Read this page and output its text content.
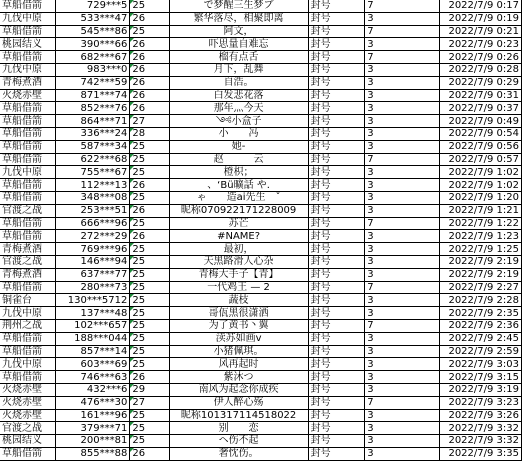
草船借箭	729***5	25	で梦醒三生梦ブ	封号	7	2022/7/9 0:17
九伐中原	533***47	26	繁华落尽，相聚即离	封号	3	2022/7/9 0:19
草船借箭	545***86	25	阿文，	封号	7	2022/7/9 0:21
桃园结义	390***66	26	吓思量自难忘	封号	3	2022/7/9 0:23
草船借箭	682***67	26	榴有点舌	封号	7	2022/7/9 0:26
九伐中原	983***0	26	月下，乱舞	封号	3	2022/7/9 0:28
青梅煮酒	742***59	26	自浩。	封号	3	2022/7/9 0:29
火烧赤壁	871***74	26	白发悲花落	封号	3	2022/7/9 0:31
草船借箭	852***76	26	那年灬今天	封号	3	2022/7/9 0:37
草船借箭	864***71	27	༺小盒子	封号	3	2022/7/9 0:49
草船借箭	336***24	28	小　　冯	封号	3	2022/7/9 0:54
草船借箭	587***34	25	她-	封号	3	2022/7/9 0:56
草船借箭	622***68	25	赵　　　云	封号	7	2022/7/9 0:57
九伐中原	755***67	25	橙枳；	封号	3	2022/7/9 1:02
草船借箭	112***13	26	、‘Bü曠話 や.	封号	3	2022/7/9 1:02
草船借箭	348***08	25	ゃ　　造ai先生　ˇ	封号	3	2022/7/9 1:20
官渡之战	253***51	26	昵称070922171228009	封号	3	2022/7/9 1:21
草船借箭	666***96	25	苏芒	封号	7	2022/7/9 1:22
草船借箭	272***29	26	#NAME?	封号	3	2022/7/9 1:23
青梅煮酒	769***96	25	最初，	封号	3	2022/7/9 1:25
官渡之战	146***94	25	天黑路滑人心杂	封号	3	2022/7/9 2:19
青梅煮酒	637***77	25	青梅大手子【青】	封号	3	2022/7/9 2:19
草船借箭	280***73	25	一代鸡王 — 2	封号	7	2022/7/9 2:27
铜雀台	130***5712	25	蔬枝	封号	3	2022/7/9 2:28
九伐中原	137***48	25	哥佤黑很潇洒	封号	3	2022/7/9 2:35
荆州之战	102***657	25	为了黄书丶翼	封号	7	2022/7/9 2:36
草船借箭	188***044	25	渎苏如画ⅴ	封号	3	2022/7/9 2:45
草船借箭	857***14	25	小猪佩琪。	封号	3	2022/7/9 2:59
九伐中原	603***69	25	风再起时	封号	3	2022/7/9 3:03
草船借箭	746***63	26	紫沐つ	封号	3	2022/7/9 3:15
火烧赤壁	432***6	29	南风为起念你成疾	封号	3	2022/7/9 3:19
火烧赤壁	476***30	27	伊人醉心殇	封号	7	2022/7/9 3:23
火烧赤壁	161***96	25	昵称101317114518022	封号	3	2022/7/9 3:26
官渡之战	379***71	25	别　　恋	封号	3	2022/7/9 3:32
桃园结义	200***81	25	ヘ伤不起	封号	3	2022/7/9 3:32
草船借箭	855***88	26	奢忱伤。	封号	3	2022/7/9 3:35
